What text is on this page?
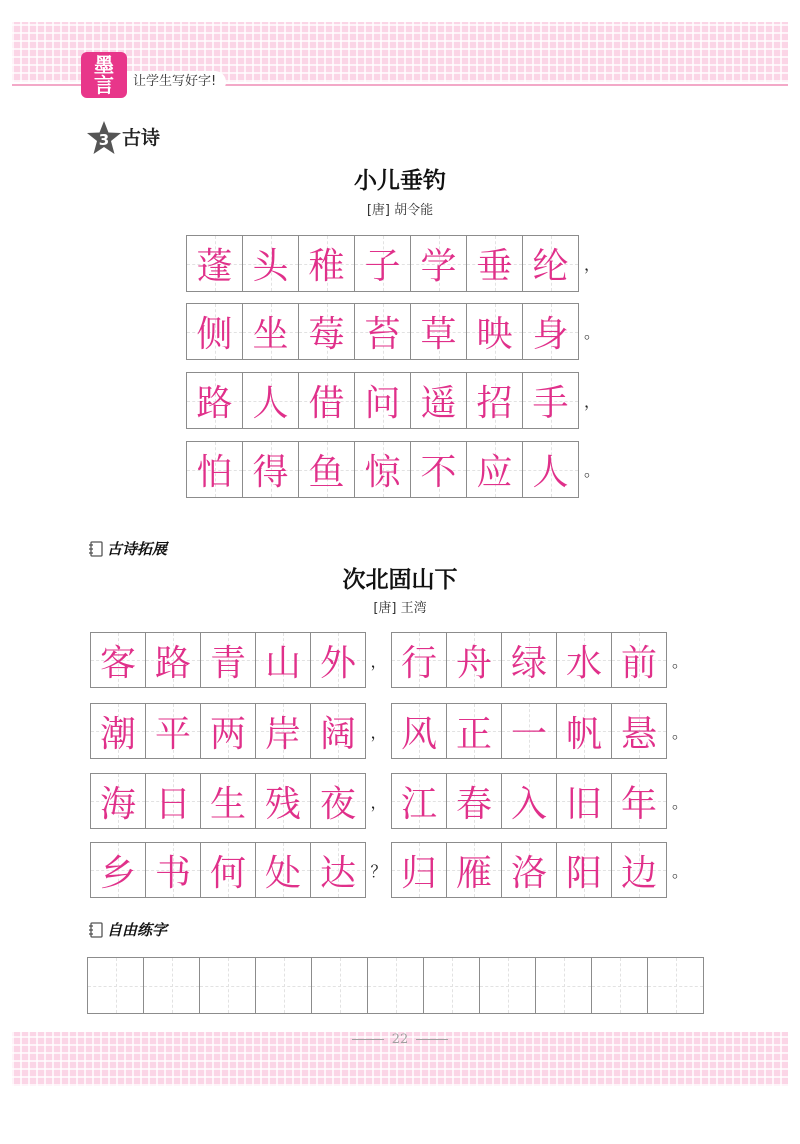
墨
言	让学生写好字!
3 古诗
小儿垂钓
[唐] 胡令能
蓬 头 稚 子 学 垂 纶 ，
侧 坐 莓 苔 草 映 身 。
路 人 借 问 遥 招 手 ，
怕 得 鱼 惊 不 应 人 。
古诗拓展
次北固山下
[唐] 王湾
客 路 青 山 外 ， 行 舟 绿 水 前 。
潮 平 两 岸 阔 ， 风 正 一 帆 悬 。
海 日 生 残 夜 ， 江 春 入 旧 年 。
乡 书 何 处 达 ？ 归 雁 洛 阳 边 。
自由练字
22
